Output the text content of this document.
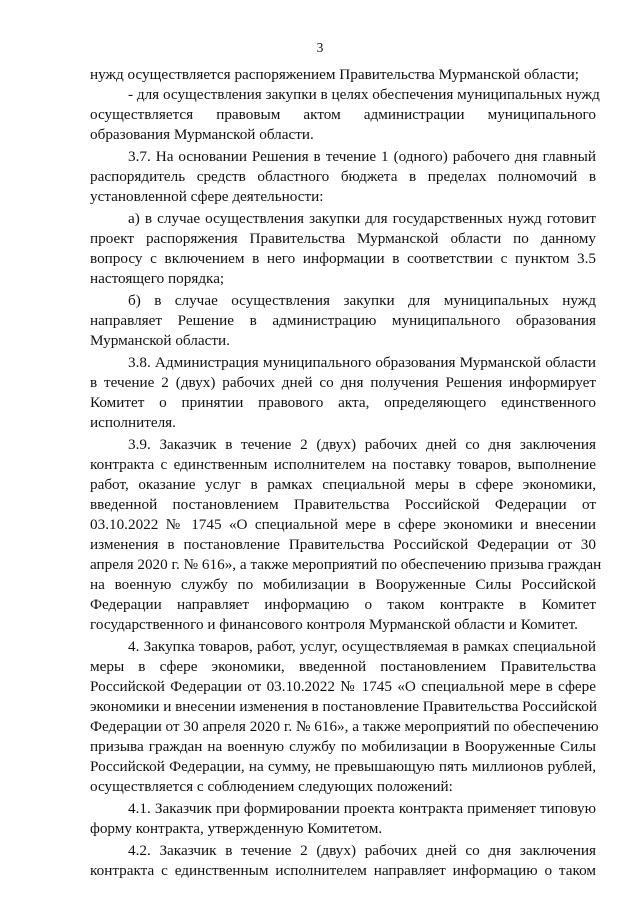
3
нужд осуществляется распоряжением Правительства Мурманской области;
- для осуществления закупки в целях обеспечения муниципальных нужд
осуществляется правовым актом администрации муниципального
образования Мурманской области.
3.7. На основании Решения в течение 1 (одного) рабочего дня главный
распорядитель средств областного бюджета в пределах полномочий в
установленной сфере деятельности:
а) в случае осуществления закупки для государственных нужд готовит
проект распоряжения Правительства Мурманской области по данному
вопросу с включением в него информации в соответствии с пунктом 3.5
настоящего порядка;
б) в случае осуществления закупки для муниципальных нужд
направляет Решение в администрацию муниципального образования
Мурманской области.
3.8. Администрация муниципального образования Мурманской области
в течение 2 (двух) рабочих дней со дня получения Решения информирует
Комитет о принятии правового акта, определяющего единственного
исполнителя.
3.9. Заказчик в течение 2 (двух) рабочих дней со дня заключения
контракта с единственным исполнителем на поставку товаров, выполнение
работ, оказание услуг в рамках специальной меры в сфере экономики,
введенной постановлением Правительства Российской Федерации от
03.10.2022 № 1745 «О специальной мере в сфере экономики и внесении
изменения в постановление Правительства Российской Федерации от 30
апреля 2020 г. № 616», а также мероприятий по обеспечению призыва граждан
на военную службу по мобилизации в Вооруженные Силы Российской
Федерации направляет информацию о таком контракте в Комитет
государственного и финансового контроля Мурманской области и Комитет.
4. Закупка товаров, работ, услуг, осуществляемая в рамках специальной
меры в сфере экономики, введенной постановлением Правительства
Российской Федерации от 03.10.2022 № 1745 «О специальной мере в сфере
экономики и внесении изменения в постановление Правительства Российской
Федерации от 30 апреля 2020 г. № 616», а также мероприятий по обеспечению
призыва граждан на военную службу по мобилизации в Вооруженные Силы
Российской Федерации, на сумму, не превышающую пять миллионов рублей,
осуществляется с соблюдением следующих положений:
4.1. Заказчик при формировании проекта контракта применяет типовую
форму контракта, утвержденную Комитетом.
4.2. Заказчик в течение 2 (двух) рабочих дней со дня заключения
контракта с единственным исполнителем направляет информацию о таком
